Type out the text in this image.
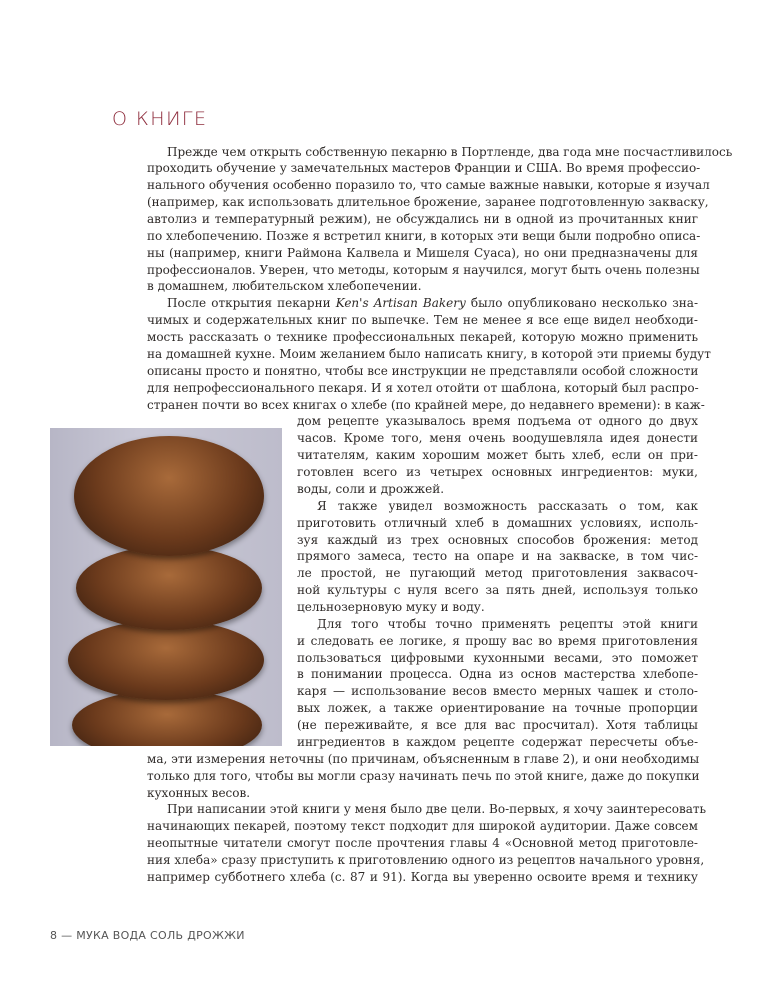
О КНИГЕ
Прежде чем открыть собственную пекарню в Портленде, два года мне посчастливилось
проходить обучение у замечательных мастеров Франции и США. Во время профессио-
нального обучения особенно поразило то, что самые важные навыки, которые я изучал
(например, как использовать длительное брожение, заранее подготовленную закваску,
автолиз и температурный режим), не обсуждались ни в одной из прочитанных книг
по хлебопечению. Позже я встретил книги, в которых эти вещи были подробно описа-
ны (например, книги Раймона Калвела и Мишеля Суаса), но они предназначены для
профессионалов. Уверен, что методы, которым я научился, могут быть очень полезны
в домашнем, любительском хлебопечении.
После открытия пекарни Ken's Artisan Bakery было опубликовано несколько зна-
чимых и содержательных книг по выпечке. Тем не менее я все еще видел необходи-
мость рассказать о технике профессиональных пекарей, которую можно применить
на домашней кухне. Моим желанием было написать книгу, в которой эти приемы будут
описаны просто и понятно, чтобы все инструкции не представляли особой сложности
для непрофессионального пекаря. И я хотел отойти от шаблона, который был распро-
странен почти во всех книгах о хлебе (по крайней мере, до недавнего времени): в каж-
дом рецепте указывалось время подъема от одного до двух
часов. Кроме того, меня очень воодушевляла идея донести
читателям, каким хорошим может быть хлеб, если он при-
готовлен всего из четырех основных ингредиентов: муки,
воды, соли и дрожжей.
Я также увидел возможность рассказать о том, как
приготовить отличный хлеб в домашних условиях, исполь-
зуя каждый из трех основных способов брожения: метод
прямого замеса, тесто на опаре и на закваске, в том чис-
ле простой, не пугающий метод приготовления заквасоч-
ной культуры с нуля всего за пять дней, используя только
цельнозерновую муку и воду.
Для того чтобы точно применять рецепты этой книги
и следовать ее логике, я прошу вас во время приготовления
пользоваться цифровыми кухонными весами, это поможет
в понимании процесса. Одна из основ мастерства хлебопе-
каря — использование весов вместо мерных чашек и столо-
вых ложек, а также ориентирование на точные пропорции
(не переживайте, я все для вас просчитал). Хотя таблицы
ингредиентов в каждом рецепте содержат пересчеты объе-
ма, эти измерения неточны (по причинам, объясненным в главе 2), и они необходимы
только для того, чтобы вы могли сразу начинать печь по этой книге, даже до покупки
кухонных весов.
При написании этой книги у меня было две цели. Во-первых, я хочу заинтересовать
начинающих пекарей, поэтому текст подходит для широкой аудитории. Даже совсем
неопытные читатели смогут после прочтения главы 4 «Основной метод приготовле-
ния хлеба» сразу приступить к приготовлению одного из рецептов начального уровня,
например субботнего хлеба (с. 87 и 91). Когда вы уверенно освоите время и технику
8 — МУКА ВОДА СОЛЬ ДРОЖЖИ
